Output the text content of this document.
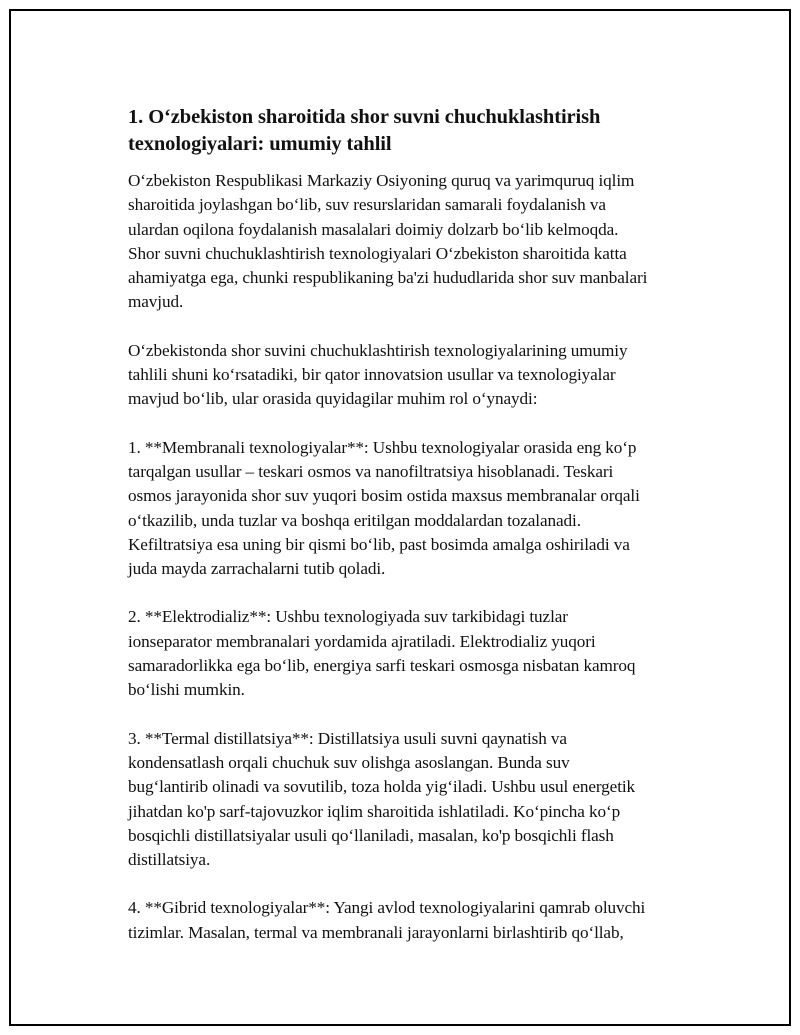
1. O‘zbekiston sharoitida shor suvni chuchuklashtirish
texnologiyalari: umumiy tahlil

O‘zbekiston Respublikasi Markaziy Osiyoning quruq va yarimquruq iqlim
sharoitida joylashgan bo‘lib, suv resurslaridan samarali foydalanish va
ulardan oqilona foydalanish masalalari doimiy dolzarb bo‘lib kelmoqda.
Shor suvni chuchuklashtirish texnologiyalari O‘zbekiston sharoitida katta
ahamiyatga ega, chunki respublikaning ba'zi hududlarida shor suv manbalari
mavjud.

O‘zbekistonda shor suvini chuchuklashtirish texnologiyalarining umumiy
tahlili shuni ko‘rsatadiki, bir qator innovatsion usullar va texnologiyalar
mavjud bo‘lib, ular orasida quyidagilar muhim rol o‘ynaydi:

1. **Membranali texnologiyalar**: Ushbu texnologiyalar orasida eng ko‘p
tarqalgan usullar – teskari osmos va nanofiltratsiya hisoblanadi. Teskari
osmos jarayonida shor suv yuqori bosim ostida maxsus membranalar orqali
o‘tkazilib, unda tuzlar va boshqa eritilgan moddalardan tozalanadi.
Kefiltratsiya esa uning bir qismi bo‘lib, past bosimda amalga oshiriladi va
juda mayda zarrachalarni tutib qoladi.

2. **Elektrodializ**: Ushbu texnologiyada suv tarkibidagi tuzlar
ionseparator membranalari yordamida ajratiladi. Elektrodializ yuqori
samaradorlikka ega bo‘lib, energiya sarfi teskari osmosga nisbatan kamroq
bo‘lishi mumkin.

3. **Termal distillatsiya**: Distillatsiya usuli suvni qaynatish va
kondensatlash orqali chuchuk suv olishga asoslangan. Bunda suv
bug‘lantirib olinadi va sovutilib, toza holda yig‘iladi. Ushbu usul energetik
jihatdan ko'p sarf-tajovuzkor iqlim sharoitida ishlatiladi. Ko‘pincha ko‘p
bosqichli distillatsiyalar usuli qo‘llaniladi, masalan, ko'p bosqichli flash
distillatsiya.

4. **Gibrid texnologiyalar**: Yangi avlod texnologiyalarini qamrab oluvchi
tizimlar. Masalan, termal va membranali jarayonlarni birlashtirib qo‘llab,
